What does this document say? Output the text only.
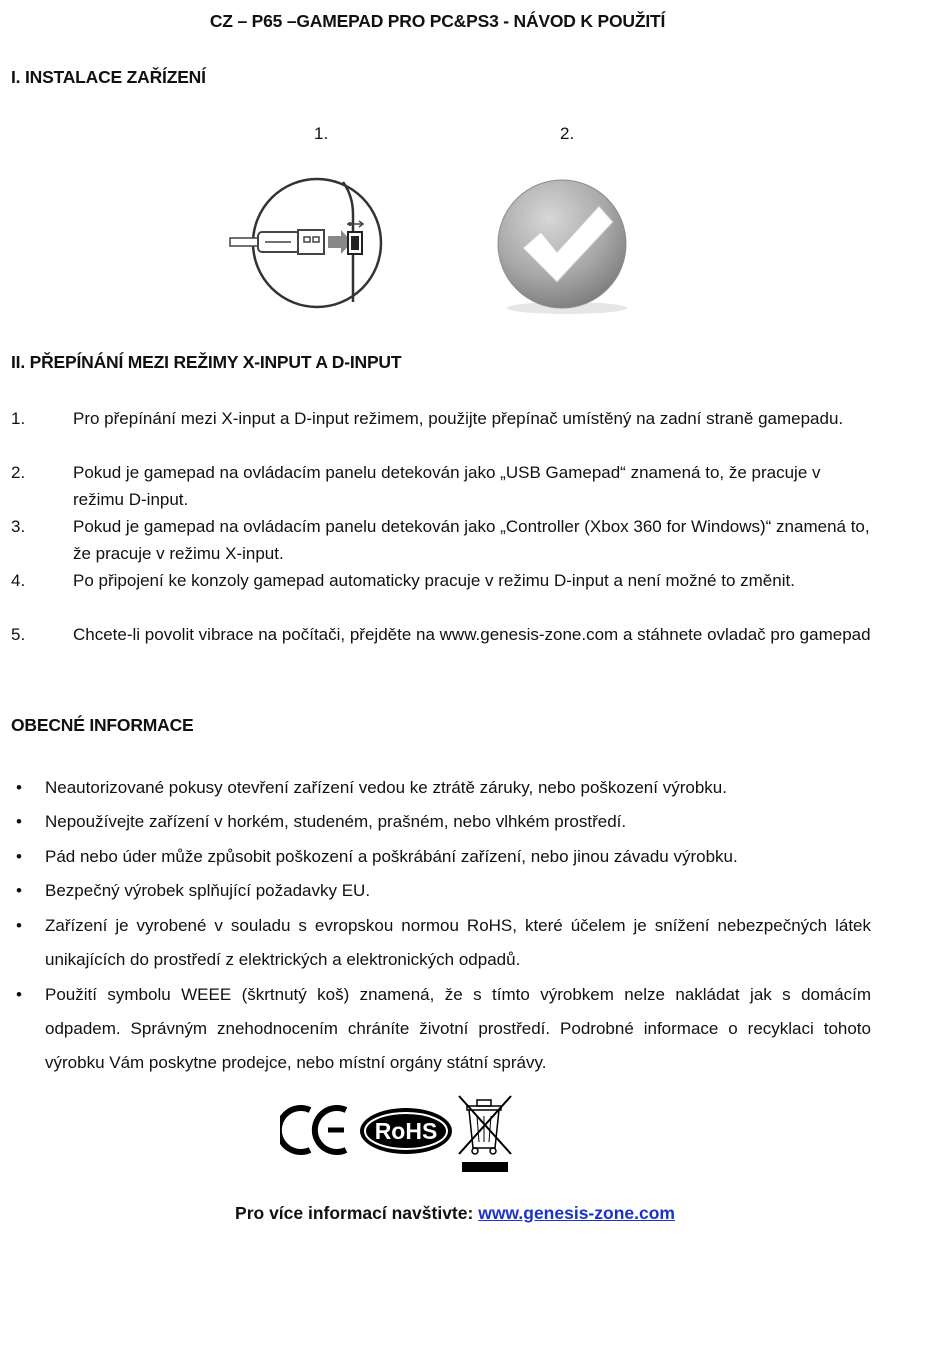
CZ – P65 –GAMEPAD PRO PC&PS3 - NÁVOD K POUŽITÍ
I. INSTALACE ZAŘÍZENÍ
1.	2.
II. PŘEPÍNÁNÍ MEZI REŽIMY X-INPUT A D-INPUT
1.	Pro přepínání mezi X-input a D-input režimem, použijte přepínač umístěný na zadní straně gamepadu.
2.	Pokud je gamepad na ovládacím panelu detekován jako „USB Gamepad“ znamená to, že pracuje v režimu D-input.
3.	Pokud je gamepad na ovládacím panelu detekován jako „Controller (Xbox 360 for Windows)“ znamená to, že pracuje v režimu X-input.
4.	Po připojení ke konzoly gamepad automaticky pracuje v režimu D-input a není možné to změnit.
5.	Chcete-li povolit vibrace na počítači, přejděte na www.genesis-zone.com a stáhnete ovladač pro gamepad
OBECNÉ INFORMACE
• Neautorizované pokusy otevření zařízení vedou ke ztrátě záruky, nebo poškození výrobku.
• Nepoužívejte zařízení v horkém, studeném, prašném, nebo vlhkém prostředí.
• Pád nebo úder může způsobit poškození a poškrábání zařízení, nebo jinou závadu výrobku.
• Bezpečný výrobek splňující požadavky EU.
• Zařízení je vyrobené v souladu s evropskou normou RoHS, které účelem je snížení nebezpečných látek unikajících do prostředí z elektrických a elektronických odpadů.
• Použití symbolu WEEE (škrtnutý koš) znamená, že s tímto výrobkem nelze nakládat jak s domácím odpadem. Správným znehodnocením chráníte životní prostředí. Podrobné informace o recyklaci tohoto výrobku Vám poskytne prodejce, nebo místní orgány státní správy.
RoHS
Pro více informací navštivte: www.genesis-zone.com
